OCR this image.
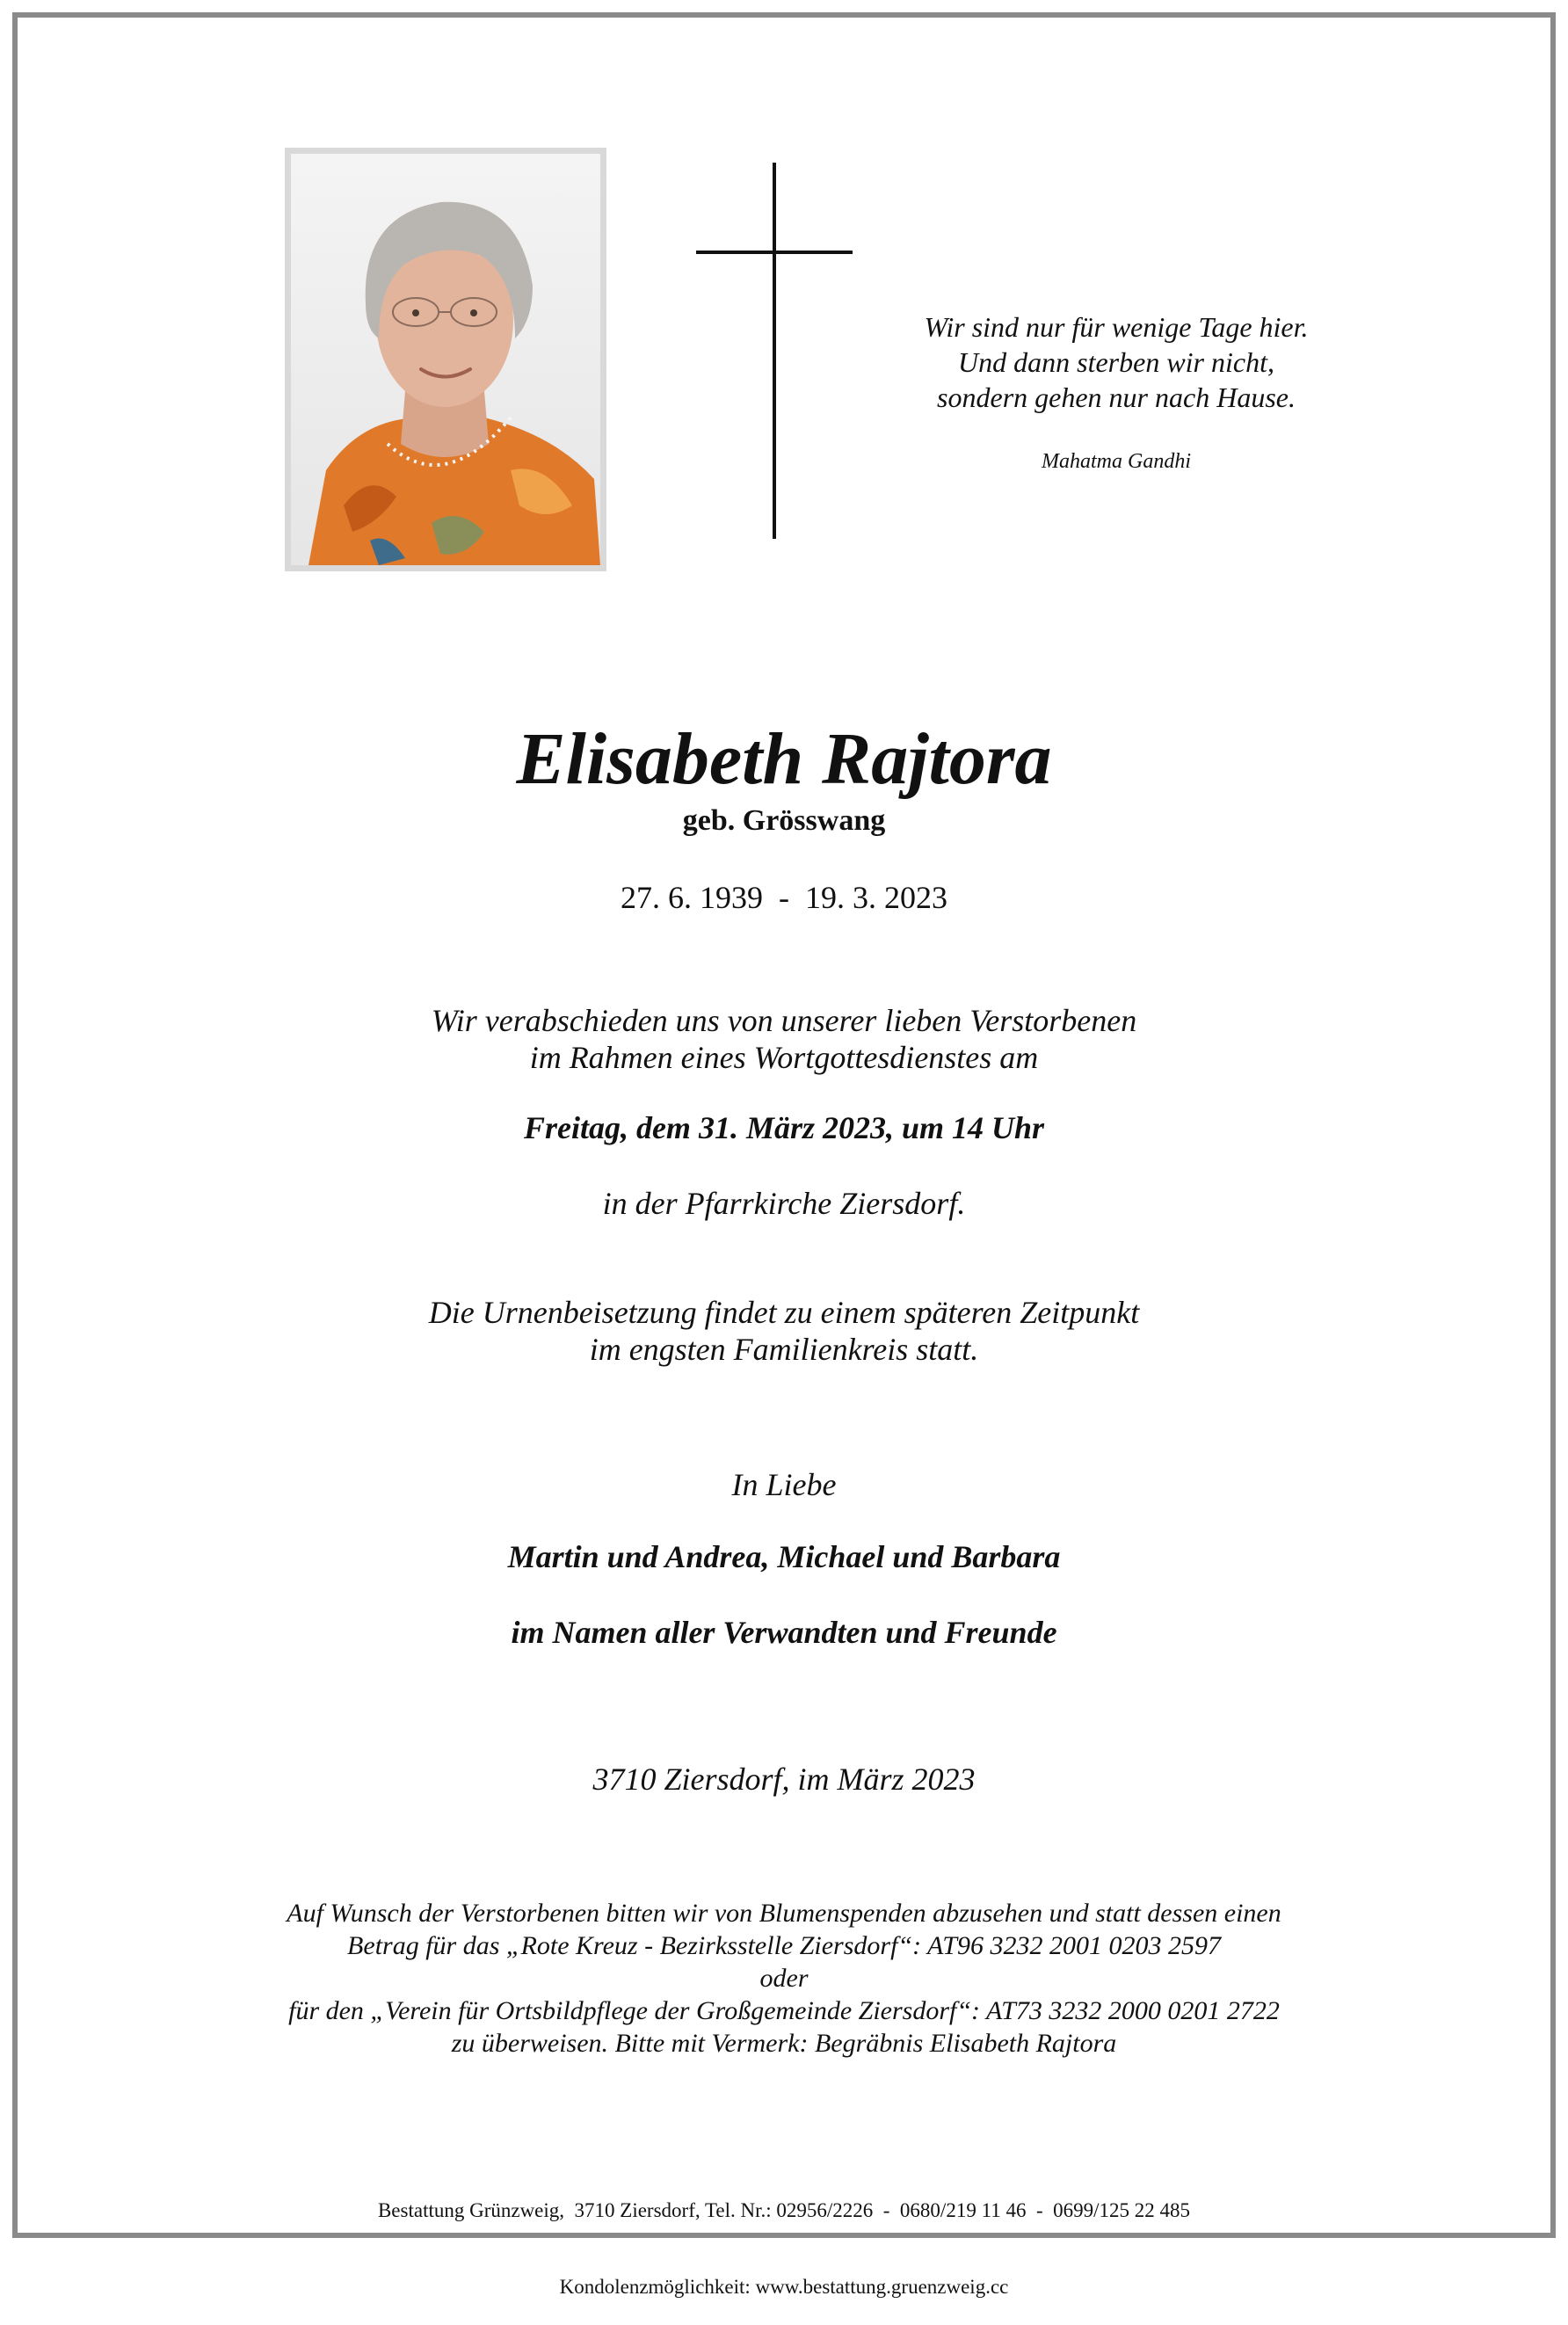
Wir sind nur für wenige Tage hier.
Und dann sterben wir nicht,
sondern gehen nur nach Hause.
Mahatma Gandhi
Elisabeth Rajtora
geb. Grösswang
27. 6. 1939  -  19. 3. 2023
Wir verabschieden uns von unserer lieben Verstorbenen
im Rahmen eines Wortgottesdienstes am
Freitag, dem 31. März 2023, um 14 Uhr
in der Pfarrkirche Ziersdorf.
Die Urnenbeisetzung findet zu einem späteren Zeitpunkt
im engsten Familienkreis statt.
In Liebe
Martin und Andrea, Michael und Barbara
im Namen aller Verwandten und Freunde
3710 Ziersdorf, im März 2023
Auf Wunsch der Verstorbenen bitten wir von Blumenspenden abzusehen und statt dessen einen
Betrag für das „Rote Kreuz - Bezirksstelle Ziersdorf“: AT96 3232 2001 0203 2597
oder
für den „Verein für Ortsbildpflege der Großgemeinde Ziersdorf“: AT73 3232 2000 0201 2722
zu überweisen. Bitte mit Vermerk: Begräbnis Elisabeth Rajtora

Bestattung Grünzweig,  3710 Ziersdorf, Tel. Nr.: 02956/2226  -  0680/219 11 46  -  0699/125 22 485

Kondolenzmöglichkeit: www.bestattung.gruenzweig.cc
